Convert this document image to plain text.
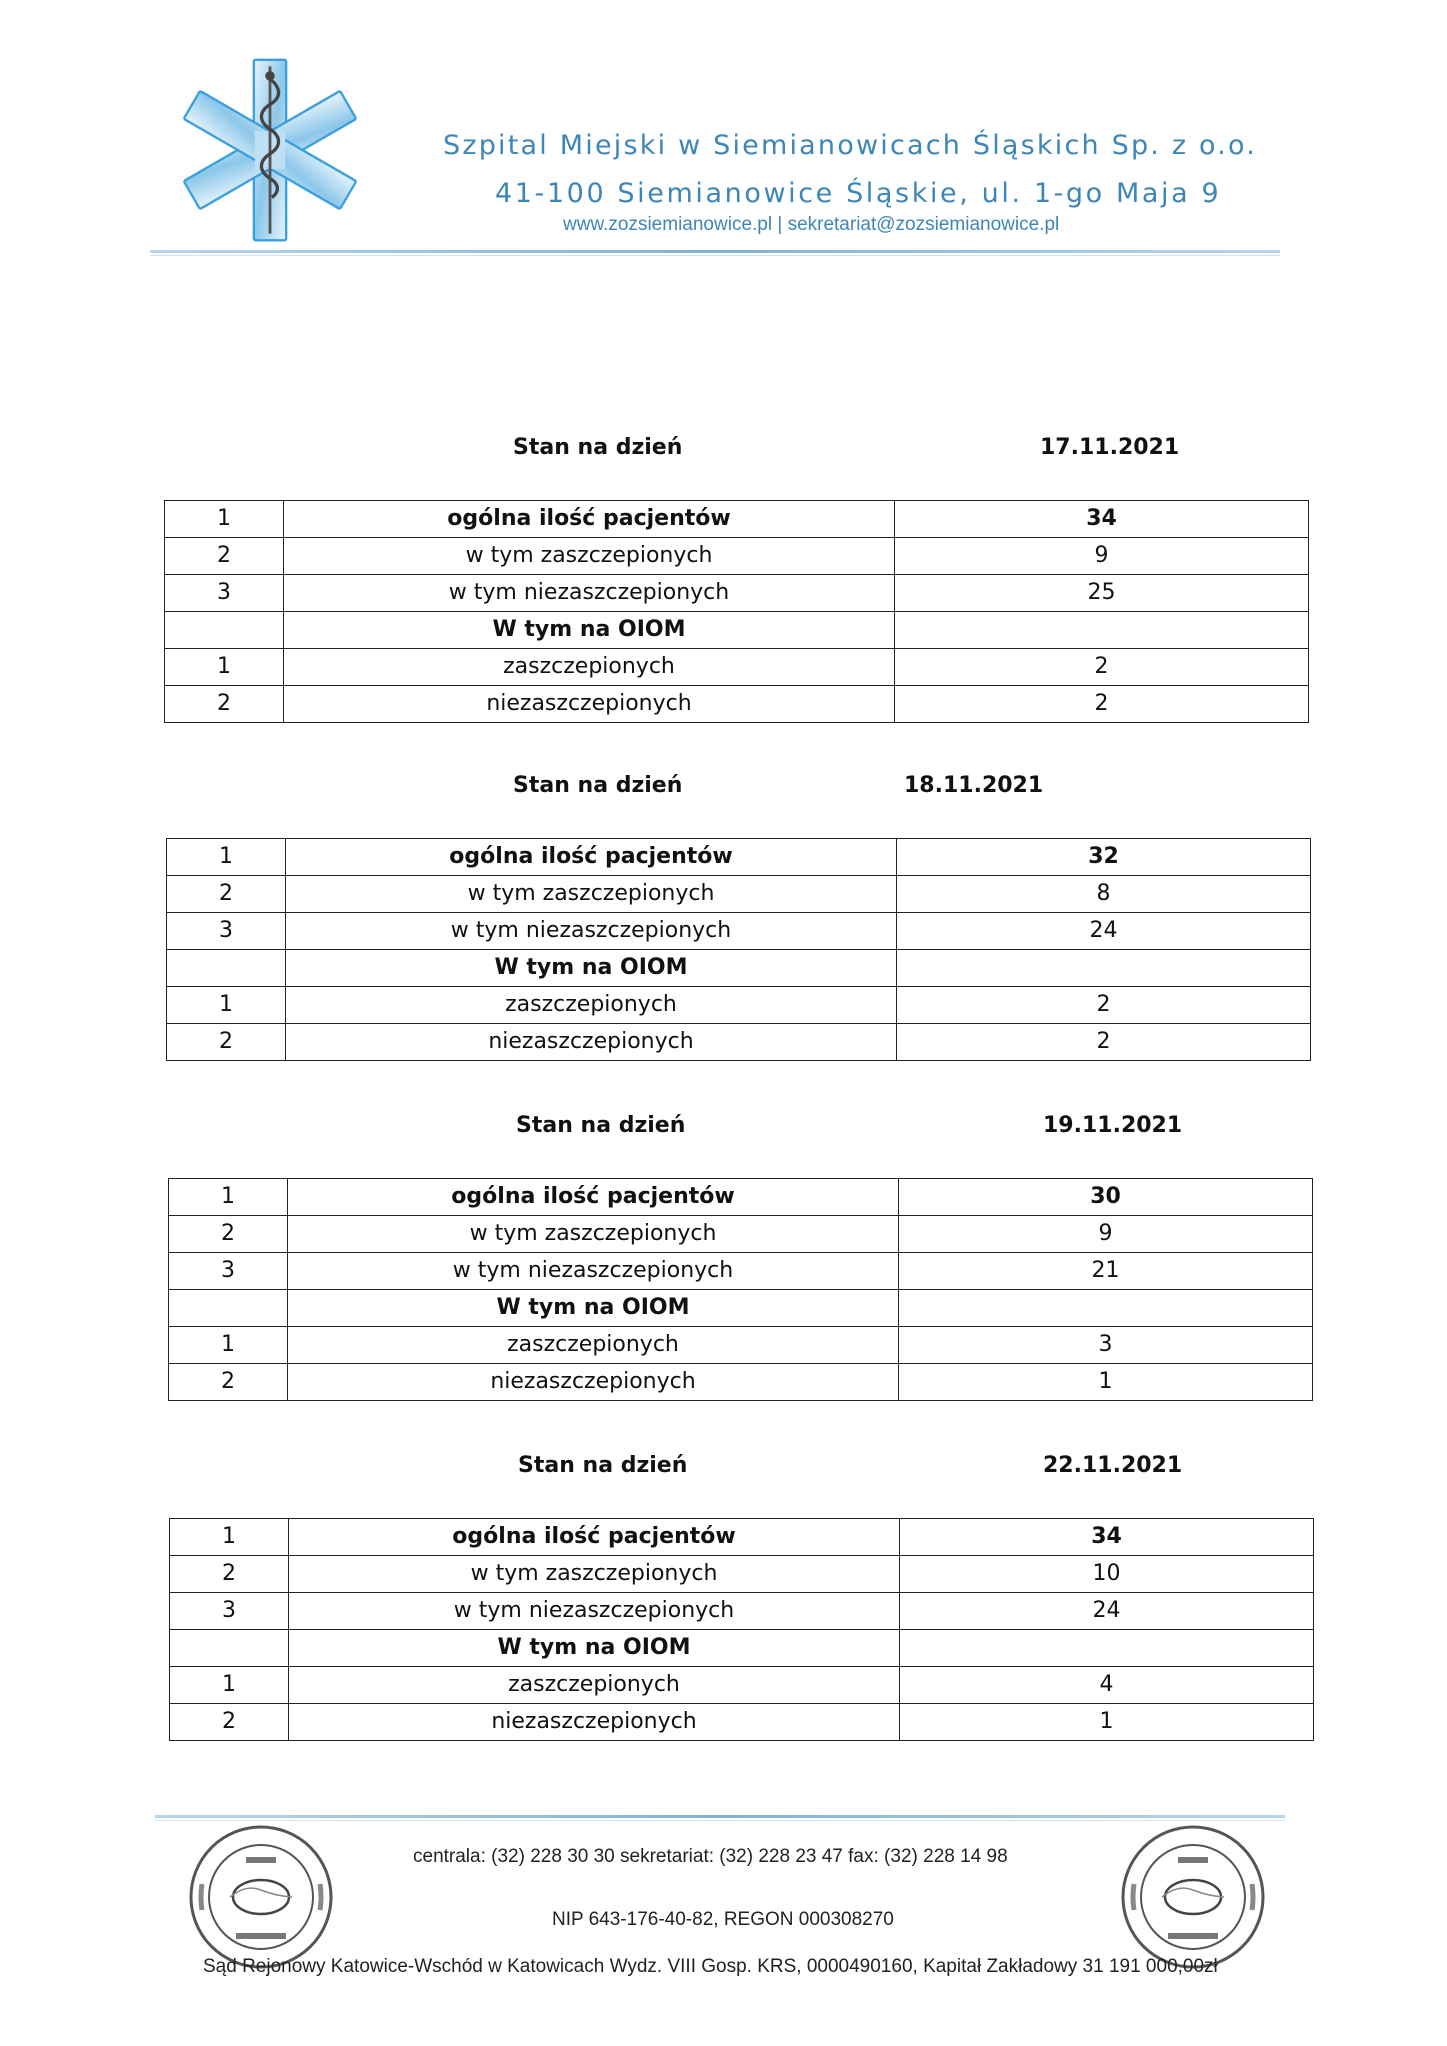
Szpital Miejski w Siemianowicach Śląskich Sp. z o.o.
41-100 Siemianowice Śląskie, ul. 1-go Maja 9
www.zozsiemianowice.pl | sekretariat@zozsiemianowice.pl
Stan na dzień	17.11.2021
1	ogólna ilość pacjentów	34
2	w tym zaszczepionych	9
3	w tym niezaszczepionych	25
	W tym na OIOM	
1	zaszczepionych	2
2	niezaszczepionych	2
Stan na dzień	18.11.2021
1	ogólna ilość pacjentów	32
2	w tym zaszczepionych	8
3	w tym niezaszczepionych	24
	W tym na OIOM	
1	zaszczepionych	2
2	niezaszczepionych	2
Stan na dzień	19.11.2021
1	ogólna ilość pacjentów	30
2	w tym zaszczepionych	9
3	w tym niezaszczepionych	21
	W tym na OIOM	
1	zaszczepionych	3
2	niezaszczepionych	1
Stan na dzień	22.11.2021
1	ogólna ilość pacjentów	34
2	w tym zaszczepionych	10
3	w tym niezaszczepionych	24
	W tym na OIOM	
1	zaszczepionych	4
2	niezaszczepionych	1
centrala: (32) 228 30 30 sekretariat: (32) 228 23 47 fax: (32) 228 14 98
NIP 643-176-40-82, REGON 000308270
Sąd Rejonowy Katowice-Wschód w Katowicach Wydz. VIII Gosp. KRS, 0000490160, Kapitał Zakładowy 31 191 000,00zł
